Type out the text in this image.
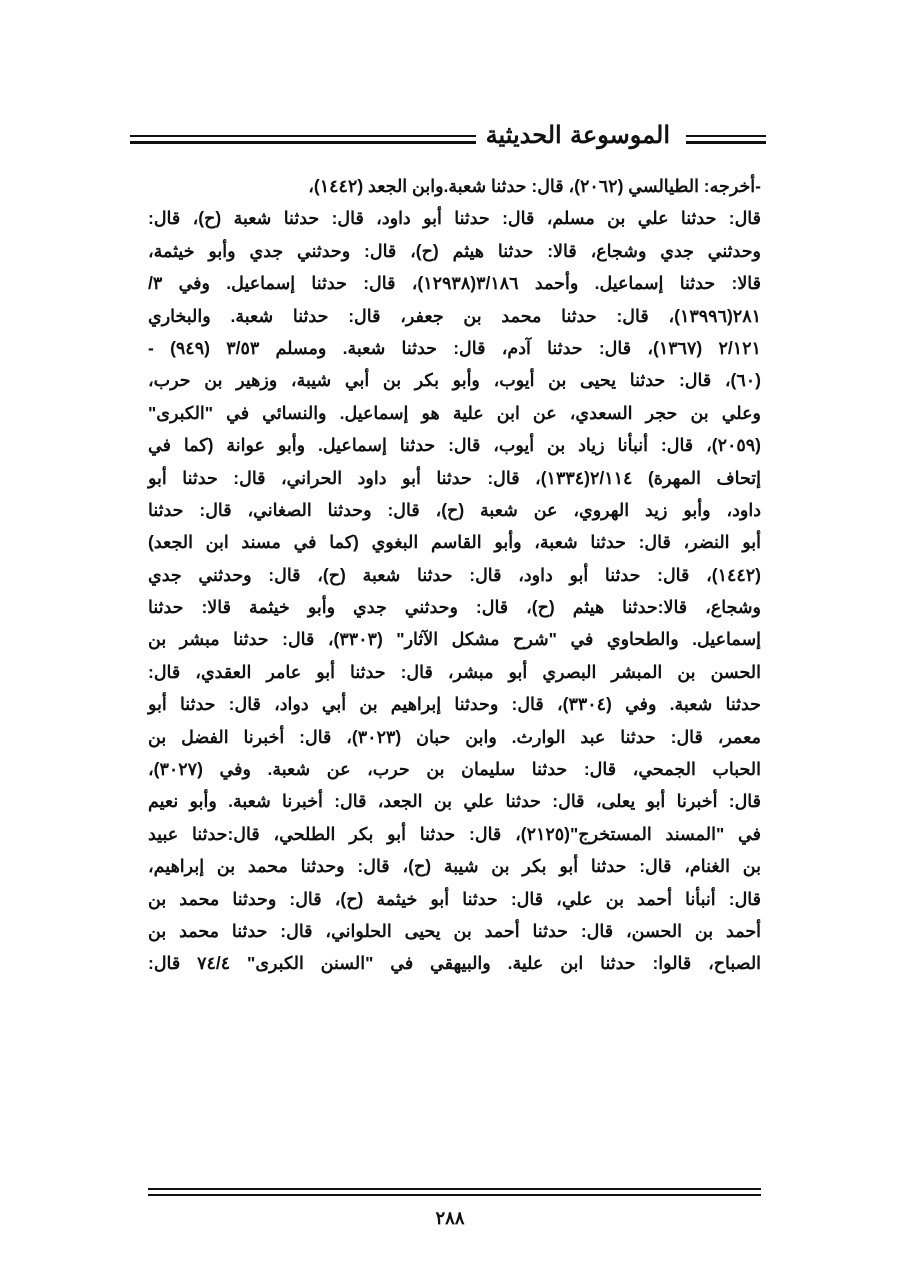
الموسوعة الحديثية
-أخرجه: الطيالسي (٢٠٦٢)، قال: حدثنا شعبة.وابن الجعد (١٤٤٢)،
قال: حدثنا علي بن مسلم، قال: حدثنا أبو داود، قال: حدثنا شعبة (ح)، قال:
وحدثني جدي وشجاع، قالا: حدثنا هيثم (ح)، قال: وحدثني جدي وأبو خيثمة،
قالا: حدثنا إسماعيل. وأحمد ٣/١٨٦(١٢٩٣٨)، قال: حدثنا إسماعيل. وفي ٣/
٢٨١(١٣٩٩٦)، قال: حدثنا محمد بن جعفر، قال: حدثنا شعبة. والبخاري
٢/١٢١ (١٣٦٧)، قال: حدثنا آدم، قال: حدثنا شعبة. ومسلم ٣/٥٣ (٩٤٩) -
(٦٠)، قال: حدثنا يحيى بن أيوب، وأبو بكر بن أبي شيبة، وزهير بن حرب،
وعلي بن حجر السعدي، عن ابن علية هو إسماعيل. والنسائي في "الكبرى"
(٢٠٥٩)، قال: أنبأنا زياد بن أيوب، قال: حدثنا إسماعيل. وأبو عوانة (كما في
إتحاف المهرة) ٢/١١٤(١٣٣٤)، قال: حدثنا أبو داود الحراني، قال: حدثنا أبو
داود، وأبو زيد الهروي، عن شعبة (ح)، قال: وحدثنا الصغاني، قال: حدثنا
أبو النضر، قال: حدثنا شعبة، وأبو القاسم البغوي (كما في مسند ابن الجعد)
(١٤٤٢)، قال: حدثنا أبو داود، قال: حدثنا شعبة (ح)، قال: وحدثني جدي
وشجاع، قالا:حدثنا هيثم (ح)، قال: وحدثني جدي وأبو خيثمة قالا: حدثنا
إسماعيل. والطحاوي في "شرح مشكل الآثار" (٣٣٠٣)، قال: حدثنا مبشر بن
الحسن بن المبشر البصري أبو مبشر، قال: حدثنا أبو عامر العقدي، قال:
حدثنا شعبة. وفي (٣٣٠٤)، قال: وحدثنا إبراهيم بن أبي دواد، قال: حدثنا أبو
معمر، قال: حدثنا عبد الوارث. وابن حبان (٣٠٢٣)، قال: أخبرنا الفضل بن
الحباب الجمحي، قال: حدثنا سليمان بن حرب، عن شعبة. وفي (٣٠٢٧)،
قال: أخبرنا أبو يعلى، قال: حدثنا علي بن الجعد، قال: أخبرنا شعبة. وأبو نعيم
في "المسند المستخرج"(٢١٢٥)، قال: حدثنا أبو بكر الطلحي، قال:حدثنا عبيد
بن الغنام، قال: حدثنا أبو بكر بن شيبة (ح)، قال: وحدثنا محمد بن إبراهيم،
قال: أنبأنا أحمد بن علي، قال: حدثنا أبو خيثمة (ح)، قال: وحدثنا محمد بن
أحمد بن الحسن، قال: حدثنا أحمد بن يحيى الحلواني، قال: حدثنا محمد بن
الصباح، قالوا: حدثنا ابن علية. والبيهقي في "السنن الكبرى" ٧٤/٤ قال:
٢٨٨
